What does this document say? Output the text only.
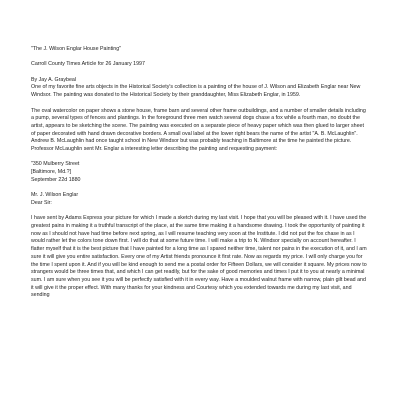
"The J. Wilson Englar House Painting"

Carroll County Times Article for 26 January 1997

By Jay A. Graybeal

One of my favorite fine arts objects in the Historical Society's collection is a painting of the house of J. Wilson and Elizabeth Englar near New Windsor. The painting was donated to the Historical Society by their granddaughter, Miss Elizabeth Englar, in 1959.

The oval watercolor on paper shows a stone house, frame barn and several other frame outbuildings, and a number of smaller details including a pump, several types of fences and plantings. In the foreground three men watch several dogs chase a fox while a fourth man, no doubt the artist, appears to be sketching the scene. The painting was executed on a separate piece of heavy paper which was then glued to larger sheet of paper decorated with hand drawn decorative borders. A small oval label at the lower right bears the name of the artist "A. B. McLaughlin". Andrew B. McLaughlin had once taught school in New Windsor but was probably teaching in Baltimore at the time he painted the picture. Professor McLaughlin sent Mr. Englar a interesting letter describing the painting and requesting payment:

"350 Mulberry Street

[Baltimore, Md.?]

September 22d 1880

Mr. J. Wilson Englar

Dear Sir:

I have sent by Adams Express your picture for which I made a sketch during my last visit. I hope that you will be pleased with it. I have used the greatest pains in making it a truthful transcript of the place, at the same time making it a handsome drawing. I took the opportunity of painting it now as I should not have had time before next spring, as I will resume teaching very soon at the Institute. I did not put the fox chase in as I would rather let the colors tone down first. I will do that at some future time. I will make a trip to N. Windsor specially on account hereafter. I flatter myself that it is the best picture that I have painted for a long time as I spared neither time, talent nor pains in the execution of it, and I am sure it will give you entire satisfaction. Every one of my Artist friends pronounce it first rate. Now as regards my price. I will only charge you for the time I spent upon it. And if you will be kind enough to send me a postal order for Fifteen Dollars, we will consider it square. My prices now to strangers would be three times that, and which I can get readily, but for the sake of good memories and times I put it to you at nearly a minimal sum. I am sure when you see it you will be perfectly satisfied with it in every way. Have a moulded walnut frame with narrow, plain gilt bead and it will give it the proper effect. With many thanks for your kindness and Courtesy which you extended towards me during my last visit, and sending
